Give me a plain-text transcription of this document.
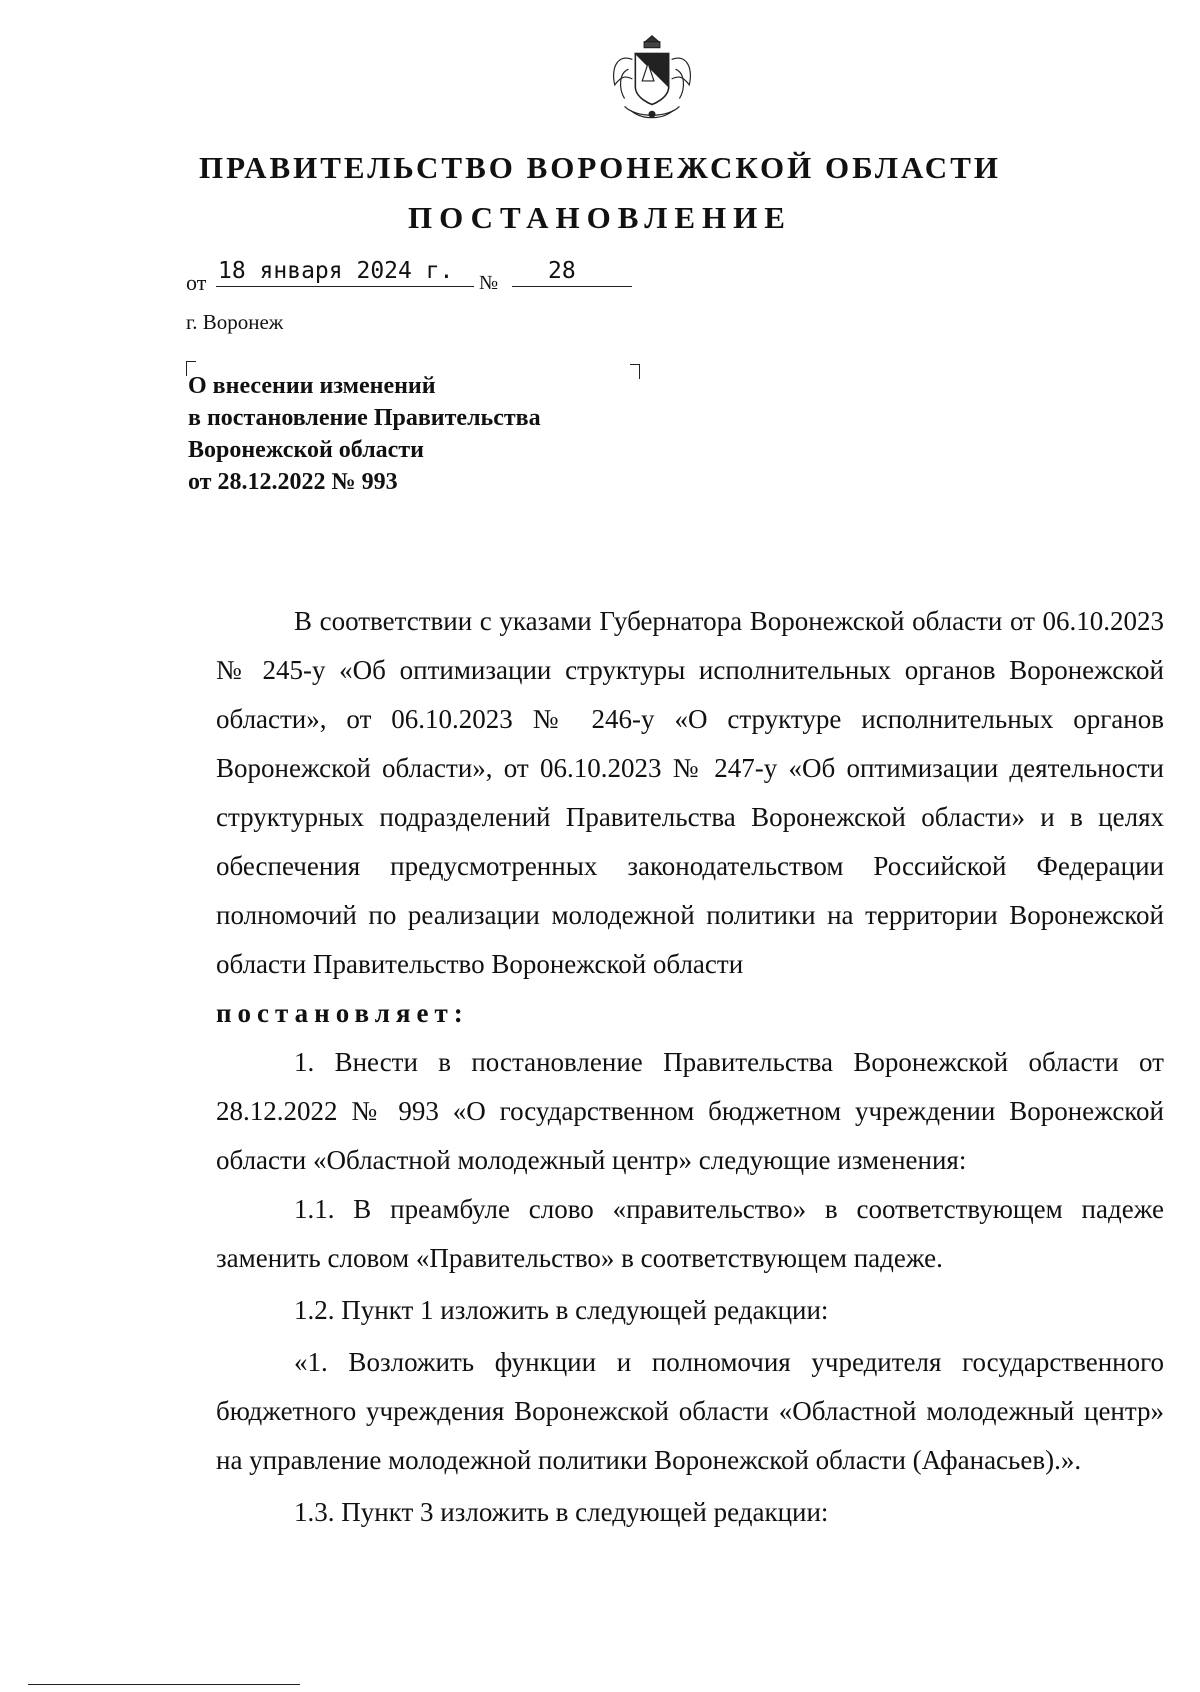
ПРАВИТЕЛЬСТВО ВОРОНЕЖСКОЙ ОБЛАСТИ
ПОСТАНОВЛЕНИЕ
от 18 января 2024 г. № 28
г. Воронеж
О внесении изменений
в постановление Правительства
Воронежской области
от 28.12.2022 № 993

В соответствии с указами Губернатора Воронежской области от 06.10.2023 № 245-у «Об оптимизации структуры исполнительных органов Воронежской области», от 06.10.2023 № 246-у «О структуре исполнительных органов Воронежской области», от 06.10.2023 № 247-у «Об оптимизации деятельности структурных подразделений Правительства Воронежской области» и в целях обеспечения предусмотренных законодательством Российской Федерации полномочий по реализации молодежной политики на территории Воронежской области Правительство Воронежской области

постановляет:

1. Внести в постановление Правительства Воронежской области от 28.12.2022 № 993 «О государственном бюджетном учреждении Воронежской области «Областной молодежный центр» следующие изменения:

1.1. В преамбуле слово «правительство» в соответствующем падеже заменить словом «Правительство» в соответствующем падеже.

1.2. Пункт 1 изложить в следующей редакции:

«1. Возложить функции и полномочия учредителя государственного бюджетного учреждения Воронежской области «Областной молодежный центр» на управление молодежной политики Воронежской области (Афанасьев).».

1.3. Пункт 3 изложить в следующей редакции:
